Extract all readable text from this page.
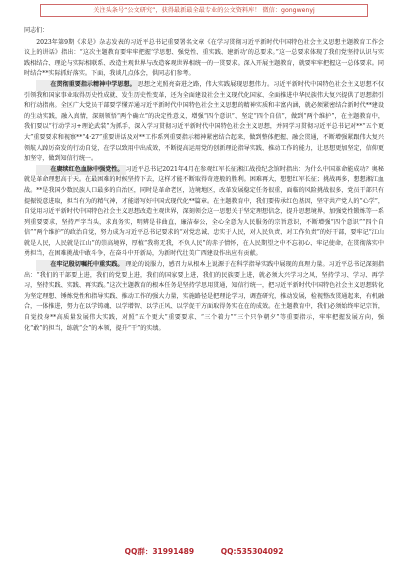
关注头条号“公文研究”，获得最新最全最专业的公文资料库！ 微信：gongwenyj

同志们：

2023年第9期《求是》杂志发表的习近平总书记重要署名文章《在学习贯彻习近平新时代中国特色社会主义思想主题教育工作会议上的讲话》指出：“这次主题教育要牢牢把握‘学思想、强党性、重实践、建新功’的总要求。”这一总要求体现了我们党坚持认识与实践相结合、理论与实际相联系、改造主观世界与改造客观世界相统一的一贯要求。深入开展主题教育，就要牢牢把握这一总体要求。同时结合**实际抓好落实。下面，我谈几点体会，供同志们参考。

在贯彻重要指示精神中学思想。 思想之光照亮奋进之路，伟大实践展现思想伟力。习近平新时代中国特色社会主义思想不仅引领我和国家事业取得历史性成就、发生历史性变革，还为全面建设社会主义现代化国家、全面推进中华民族伟大复兴提供了思想指引和行动指南。全区广大党员干部要学懂弄通习近平新时代中国特色社会主义思想的精神实质和丰富内涵，就必须紧密结合新时代**建设的生动实践，融入真情，深刻领悟“两个确立”的决定性意义，增强“四个意识”、坚定“四个自信”，做到“两个维护”，在主题教育中，我们要以“行动学习+理论武装”为抓手，深入学习贯彻习近平新时代中国特色社会主义思想，并同学习贯彻习近平总书记对**“五个更大”重要要求和视察**“4·27”重要讲话及对**工作系列重要指示精神紧密结合起来，做到整体把握、融会贯通，不断增强紧跟伟大复兴领航人踔厉奋发的行动自觉，在学以致用中出成效，不断提高运用党的创新理论指导实践、推动工作的能力，让思想更加坚定，信仰更加坚守，做到知信行统一。

在赓续红色血脉中强党性。 习近平总书记2021年4月在参观红军长征湘江战役纪念馆时指出：为什么中国革命能成功？奥秘就是革命理想高于天。在最困难的时候坚持下去，这样才能不断取得奇迹般的胜利。困难再大，想想红军长征；挑战再多，想想湘江血战。**是我国少数民族人口最多的自治区，同时是革命老区，边境地区，改革发展稳定任务很重，面临的风险挑战很多，党员干部只有提振锐意进取，担当有为的精气神，才能谱写好中国式现代化**篇章。在主题教育中，我们要传承红色基因，坚守共产党人的“心学”，自觉用习近平新时代中国特色社会主义思想改造主观世界，深刻领会这一思想关于坚定理想信念，提升思想境界，加强党性锻炼等一系列重要要求，坚持严字当头，求真务实，明辨是非曲直，廉洁奉公，全心全意为人民服务的宗旨意识，不断增强“四个意识”“四个自信”“两个维护”的政治自觉，努力成为习近平总书记要求的“对党忠诚、忠实于人民，对人民负责、对工作负责”的好干部，要牢记“江山就是人民，人民就是江山”的崇高境界，厚植“我将无我，不负人民”的赤子情怀，在人民期望之中不忘初心、牢记使命，在贯彻落实中勇担当，在困难挑战中敢斗争，在奋斗中开新局，为新时代壮美广西建设作出应有贡献。

在牢记殷切嘱托中重实践。 理论的说服力，感召力从根本上说源于在科学指导实践中展现的真理力量。习近平总书记深刻指出：“我们的干部要上进，我们的党要上进，我们的国家要上进，我们的民族要上进，就必须大兴学习之风，坚持学习、学习、再学习，坚持实践、实践、再实践。”这次主题教育的根本任务是坚持学思用贯通，知信行统一，把习近平新时代中国特色社会主义思想转化为坚定理想、锤炼党性和指导实践、推动工作的强大力量，实施路径是把理论学习，调查研究，推动发展，检视整改贯通起来，有机融合，一体推进，努力在以学铸魂、以学增智、以学正风、以学促干方面取得务实在在的成效。在主题教育中，我们必须始终牢记宗旨，自觉投身**高质量发展伟大实践，对照“五个更大”重要要求、“三个着力”“三个只争朝夕”等重要指示，牢牢把握发展方向，强化“敢”的担当，练就“会”的本领，提升“干”的实绩。

QQ群：31991489	QQ:535304092
